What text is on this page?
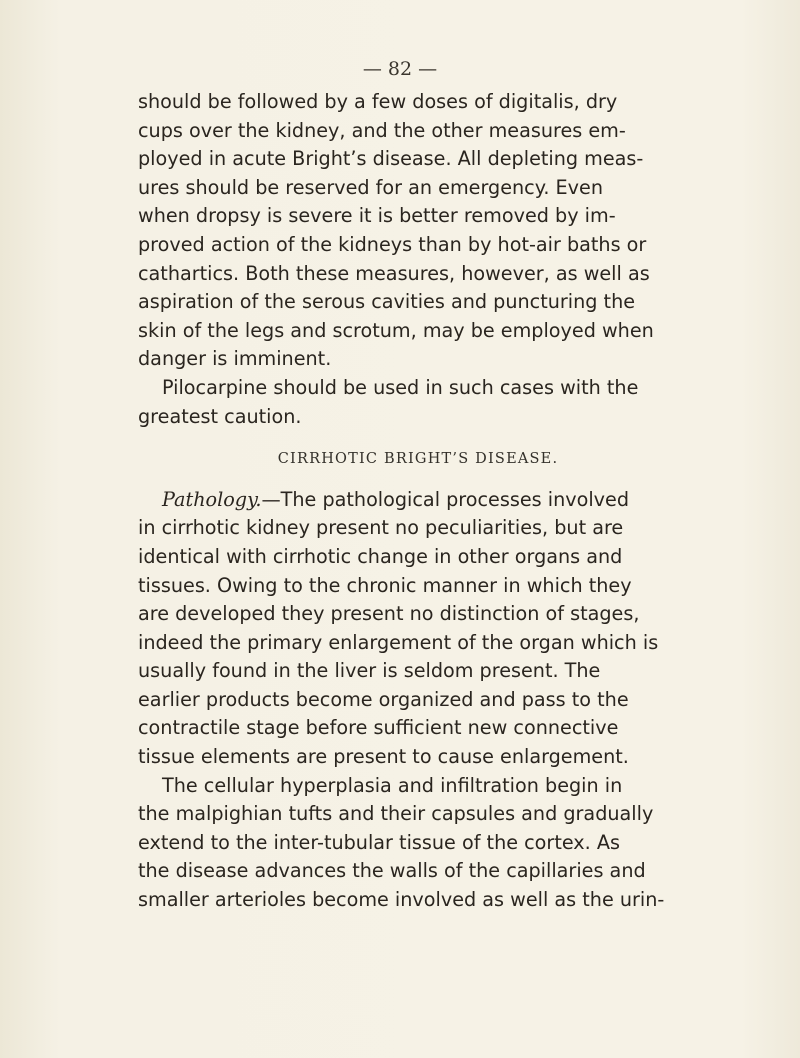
— 82 —
should be followed by a few doses of digitalis, dry
cups over the kidney, and the other measures em-
ployed in acute Bright’s disease. All depleting meas-
ures should be reserved for an emergency. Even
when dropsy is severe it is better removed by im-
proved action of the kidneys than by hot-air baths or
cathartics. Both these measures, however, as well as
aspiration of the serous cavities and puncturing the
skin of the legs and scrotum, may be employed when
danger is imminent.
Pilocarpine should be used in such cases with the
greatest caution.
CIRRHOTIC BRIGHT’S DISEASE.
Pathology.—The pathological processes involved
in cirrhotic kidney present no peculiarities, but are
identical with cirrhotic change in other organs and
tissues. Owing to the chronic manner in which they
are developed they present no distinction of stages,
indeed the primary enlargement of the organ which is
usually found in the liver is seldom present. The
earlier products become organized and pass to the
contractile stage before sufficient new connective
tissue elements are present to cause enlargement.
The cellular hyperplasia and infiltration begin in
the malpighian tufts and their capsules and gradually
extend to the inter-tubular tissue of the cortex. As
the disease advances the walls of the capillaries and
smaller arterioles become involved as well as the urin-
